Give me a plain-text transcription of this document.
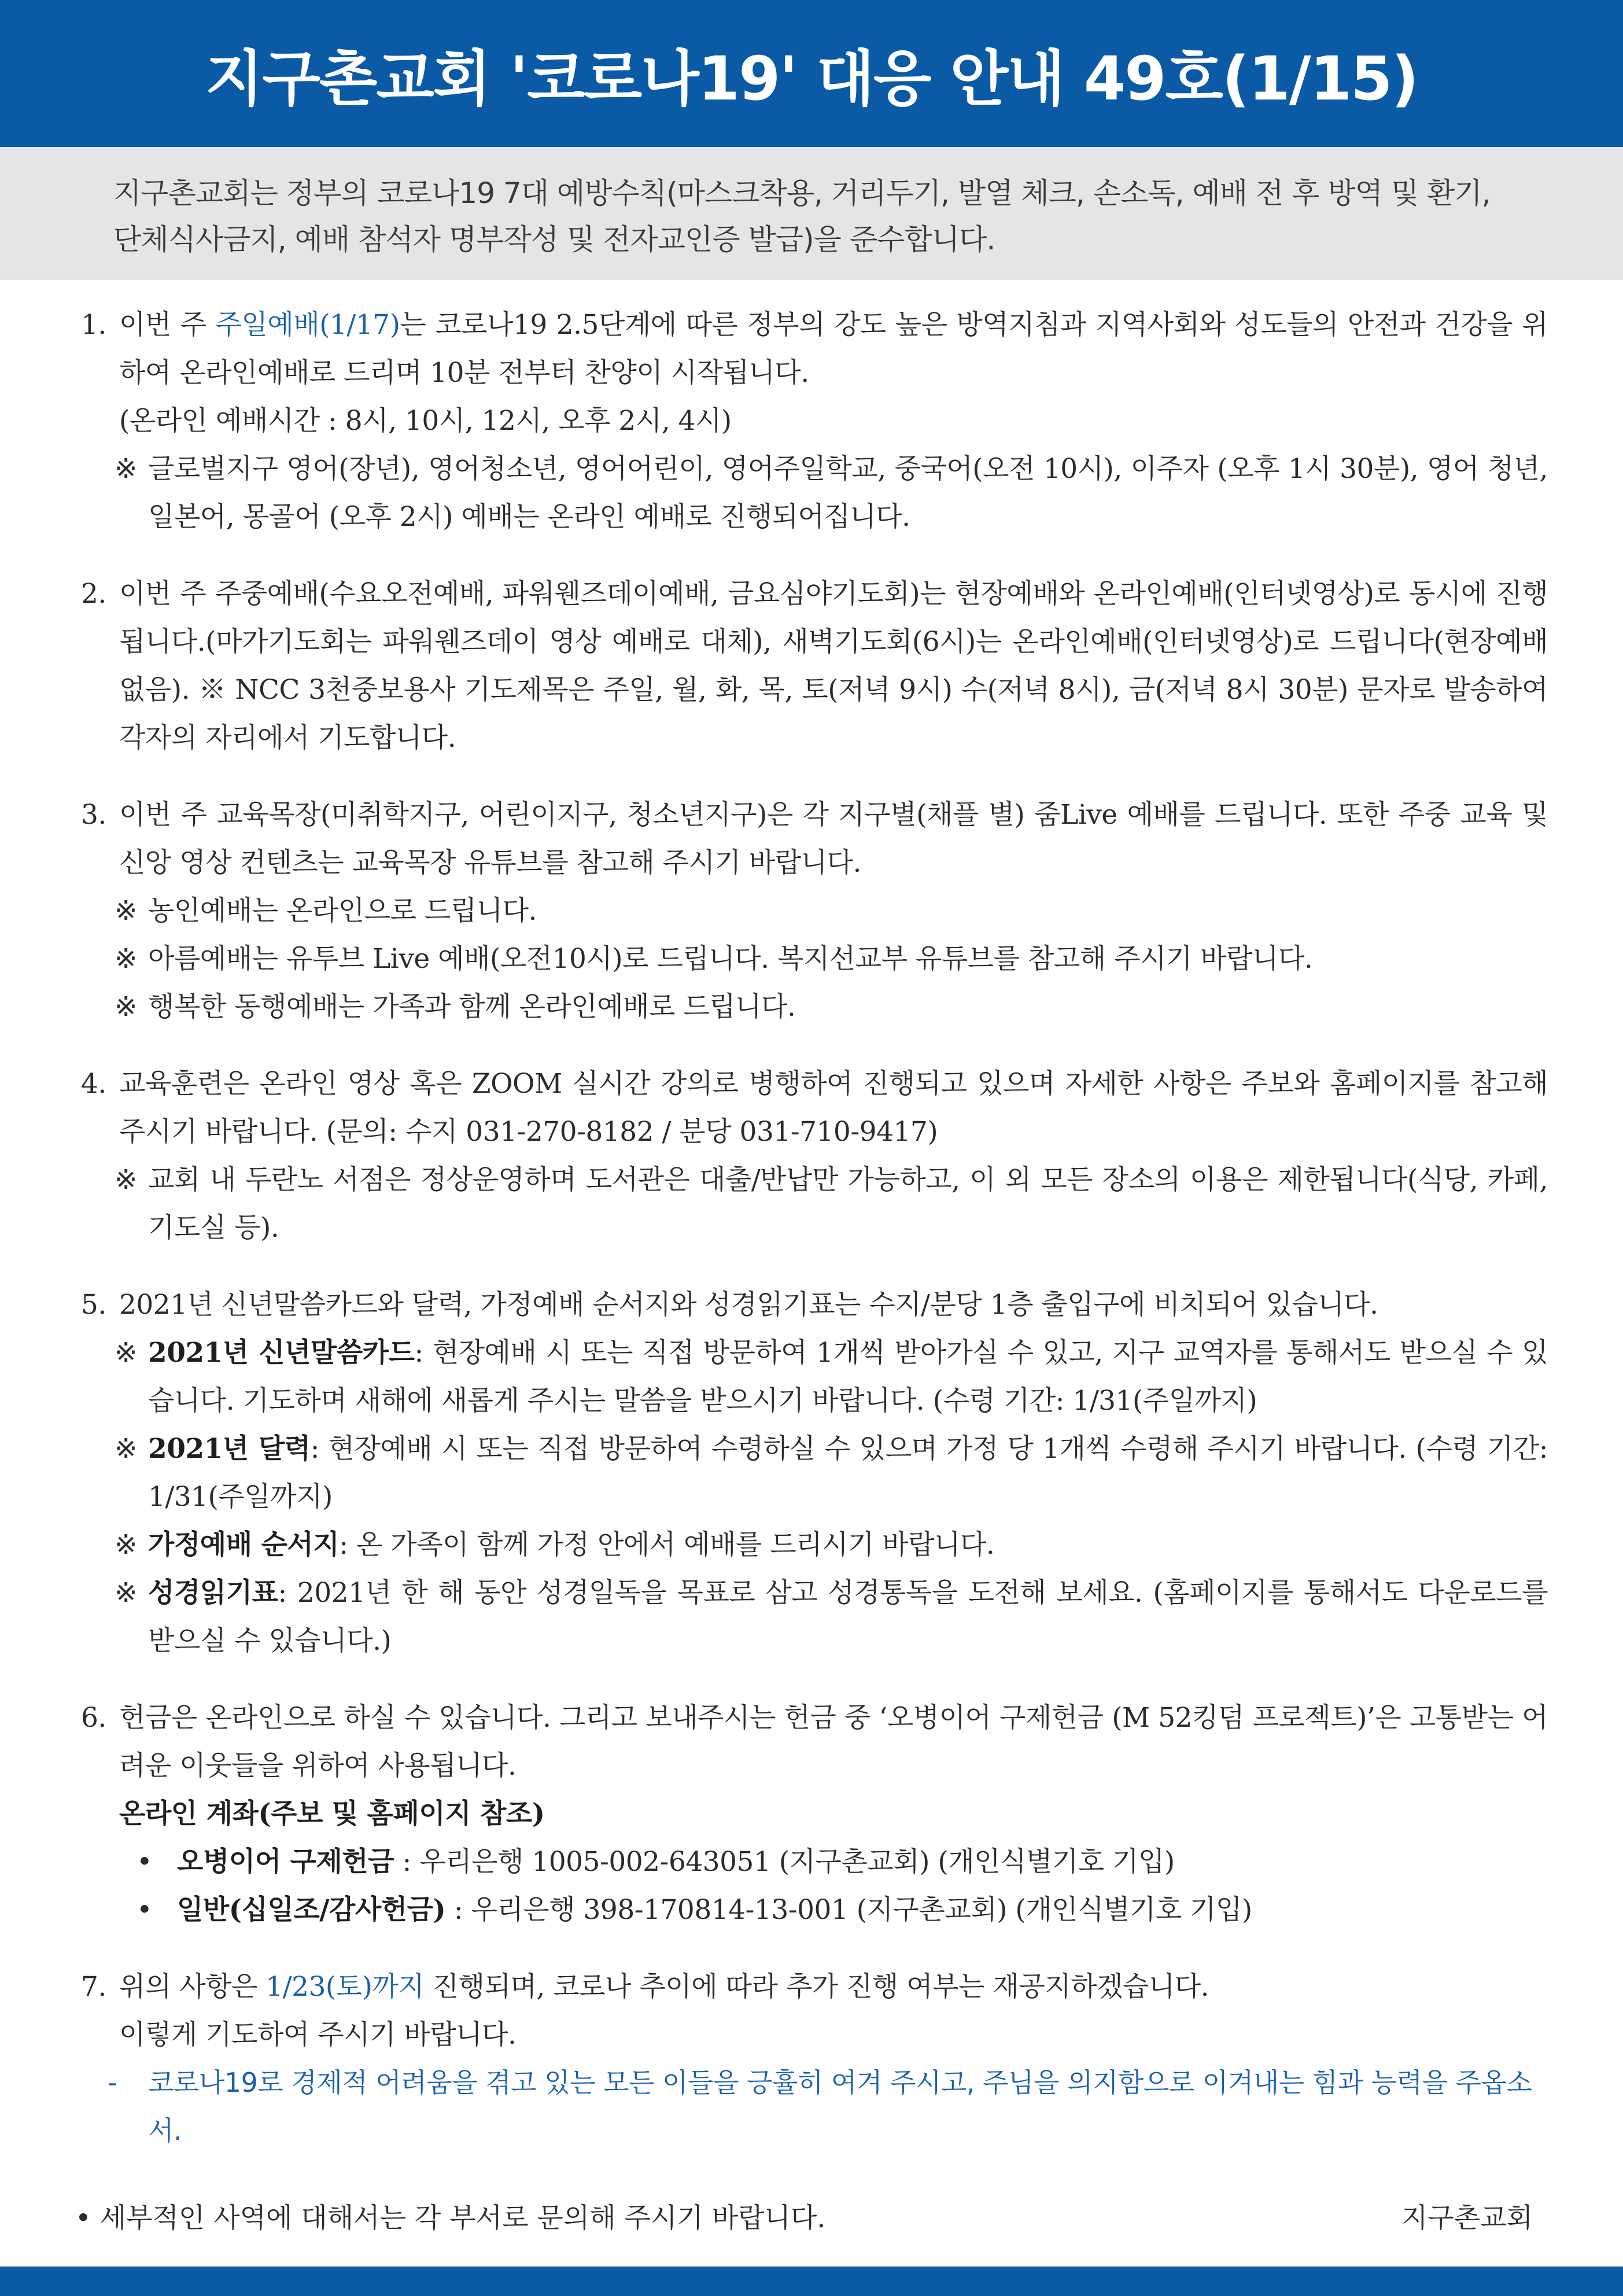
지구촌교회 '코로나19' 대응 안내 49호(1/15)
지구촌교회는 정부의 코로나19 7대 예방수칙(마스크착용, 거리두기, 발열 체크, 손소독, 예배 전 후 방역 및 환기, 단체식사금지, 예배 참석자 명부작성 및 전자교인증 발급)을 준수합니다.
1. 이번 주 주일예배(1/17)는 코로나19 2.5단계에 따른 정부의 강도 높은 방역지침과 지역사회와 성도들의 안전과 건강을 위하여 온라인예배로 드리며 10분 전부터 찬양이 시작됩니다.
(온라인 예배시간 : 8시, 10시, 12시, 오후 2시, 4시)
※ 글로벌지구 영어(장년), 영어청소년, 영어어린이, 영어주일학교, 중국어(오전 10시), 이주자 (오후 1시 30분), 영어 청년, 일본어, 몽골어 (오후 2시) 예배는 온라인 예배로 진행되어집니다.
2. 이번 주 주중예배(수요오전예배, 파워웬즈데이예배, 금요심야기도회)는 현장예배와 온라인예배(인터넷영상)로 동시에 진행됩니다.(마가기도회는 파워웬즈데이 영상 예배로 대체), 새벽기도회(6시)는 온라인예배(인터넷영상)로 드립니다(현장예배 없음). ※ NCC 3천중보용사 기도제목은 주일, 월, 화, 목, 토(저녁 9시) 수(저녁 8시), 금(저녁 8시 30분) 문자로 발송하여 각자의 자리에서 기도합니다.
3. 이번 주 교육목장(미취학지구, 어린이지구, 청소년지구)은 각 지구별(채플 별) 줌Live 예배를 드립니다. 또한 주중 교육 및 신앙 영상 컨텐츠는 교육목장 유튜브를 참고해 주시기 바랍니다.
※ 농인예배는 온라인으로 드립니다.
※ 아름예배는 유투브 Live 예배(오전10시)로 드립니다. 복지선교부 유튜브를 참고해 주시기 바랍니다.
※ 행복한 동행예배는 가족과 함께 온라인예배로 드립니다.
4. 교육훈련은 온라인 영상 혹은 ZOOM 실시간 강의로 병행하여 진행되고 있으며 자세한 사항은 주보와 홈페이지를 참고해 주시기 바랍니다. (문의: 수지 031-270-8182 / 분당 031-710-9417)
※ 교회 내 두란노 서점은 정상운영하며 도서관은 대출/반납만 가능하고, 이 외 모든 장소의 이용은 제한됩니다(식당, 카페, 기도실 등).
5. 2021년 신년말씀카드와 달력, 가정예배 순서지와 성경읽기표는 수지/분당 1층 출입구에 비치되어 있습니다.
※ 2021년 신년말씀카드: 현장예배 시 또는 직접 방문하여 1개씩 받아가실 수 있고, 지구 교역자를 통해서도 받으실 수 있습니다. 기도하며 새해에 새롭게 주시는 말씀을 받으시기 바랍니다. (수령 기간: 1/31(주일까지)
※ 2021년 달력: 현장예배 시 또는 직접 방문하여 수령하실 수 있으며 가정 당 1개씩 수령해 주시기 바랍니다. (수령 기간: 1/31(주일까지)
※ 가정예배 순서지: 온 가족이 함께 가정 안에서 예배를 드리시기 바랍니다.
※ 성경읽기표: 2021년 한 해 동안 성경일독을 목표로 삼고 성경통독을 도전해 보세요. (홈페이지를 통해서도 다운로드를 받으실 수 있습니다.)
6. 헌금은 온라인으로 하실 수 있습니다. 그리고 보내주시는 헌금 중 ‘오병이어 구제헌금 (M 52킹덤 프로젝트)’은 고통받는 어려운 이웃들을 위하여 사용됩니다.
온라인 계좌(주보 및 홈페이지 참조)
• 오병이어 구제헌금 : 우리은행 1005-002-643051 (지구촌교회) (개인식별기호 기입)
• 일반(십일조/감사헌금) : 우리은행 398-170814-13-001 (지구촌교회) (개인식별기호 기입)
7. 위의 사항은 1/23(토)까지 진행되며, 코로나 추이에 따라 추가 진행 여부는 재공지하겠습니다.
이렇게 기도하여 주시기 바랍니다.
- 코로나19로 경제적 어려움을 겪고 있는 모든 이들을 긍휼히 여겨 주시고, 주님을 의지함으로 이겨내는 힘과 능력을 주옵소서.
• 세부적인 사역에 대해서는 각 부서로 문의해 주시기 바랍니다.	지구촌교회
